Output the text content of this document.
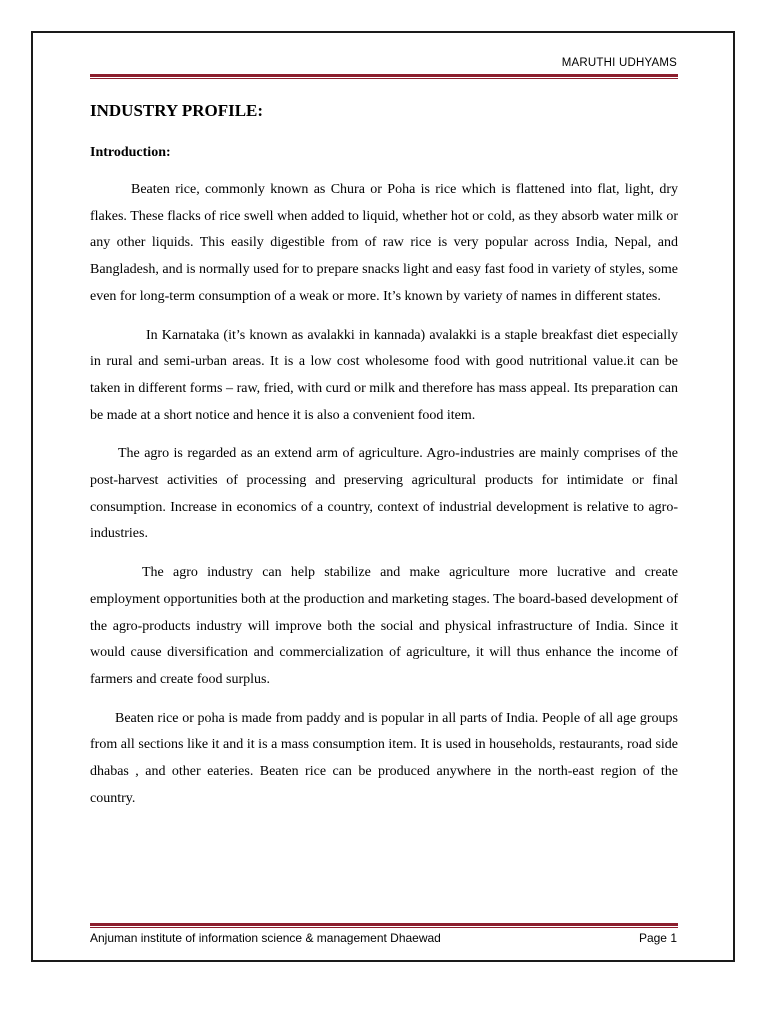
MARUTHI UDHYAMS
INDUSTRY PROFILE:
Introduction:

Beaten rice, commonly known as Chura or Poha is rice which is flattened into flat, light, dry flakes. These flacks of rice swell when added to liquid, whether hot or cold, as they absorb water milk or any other liquids. This easily digestible from of raw rice is very popular across India, Nepal, and Bangladesh, and is normally used for to prepare snacks light and easy fast food in variety of styles, some even for long-term consumption of a weak or more. It’s known by variety of names in different states.

In Karnataka (it’s known as avalakki in kannada) avalakki is a staple breakfast diet especially in rural and semi-urban areas. It is a low cost wholesome food with good nutritional value.it can be taken in different forms – raw, fried, with curd or milk and therefore has mass appeal. Its preparation can be made at a short notice and hence it is also a convenient food item.

The agro is regarded as an extend arm of agriculture. Agro-industries are mainly comprises of the post-harvest activities of processing and preserving agricultural products for intimidate or final consumption. Increase in economics of a country, context of industrial development is relative to agro-industries.

The agro industry can help stabilize and make agriculture more lucrative and create employment opportunities both at the production and marketing stages. The board-based development of the agro-products industry will improve both the social and physical infrastructure of India. Since it would cause diversification and commercialization of agriculture, it will thus enhance the income of farmers and create food surplus.

Beaten rice or poha is made from paddy and is popular in all parts of India. People of all age groups from all sections like it and it is a mass consumption item. It is used in households, restaurants, road side dhabas , and other eateries. Beaten rice can be produced anywhere in the north-east region of the country.

Anjuman institute of information science & management Dhaewad	Page 1
